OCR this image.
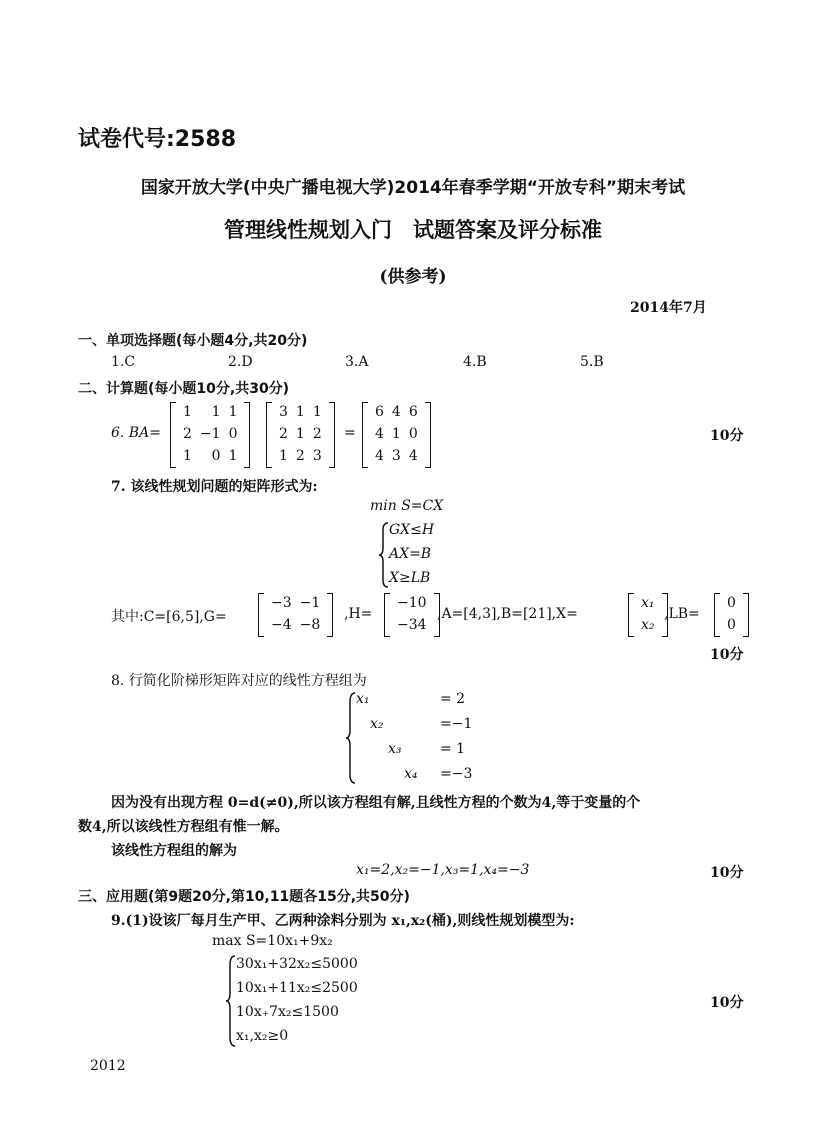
试卷代号:2588
国家开放大学(中央广播电视大学)2014年春季学期“开放专科”期末考试
管理线性规划入门　试题答案及评分标准
(供参考)
2014年7月
一、单项选择题(每小题4分,共20分)
1.C	2.D	3.A	4.B	5.B
二、计算题(每小题10分,共30分)
6. BA=
1	1 1
2 −1 0
1	0 1
3 1 1
2 1 2
1 2 3
=
6 4 6
4 1 0
4 3 4
10分
7. 该线性规划问题的矩阵形式为:
min S=CX
GX≤H
AX=B
X≥LB
其中:C=[6,5],G=
−3 −1
−4 −8
,H=
−10
−34
,A=[4,3],B=[21],X=
x₁
x₂
,LB=
0
0
10分
8. 行简化阶梯形矩阵对应的线性方程组为
x₁	= 2
x₂	=−1
x₃	= 1
x₄ =−3
因为没有出现方程 0=d(≠0),所以该方程组有解,且线性方程的个数为4,等于变量的个
数4,所以该线性方程组有惟一解。
该线性方程组的解为
x₁=2,x₂=−1,x₃=1,x₄=−3	10分
三、应用题(第9题20分,第10,11题各15分,共50分)
9.(1)设该厂每月生产甲、乙两种涂料分别为 x₁,x₂(桶),则线性规划模型为:
max S=10x₁+9x₂
30x₁+32x₂≤5000
10x₁+11x₂≤2500
10x₊7x₂≤1500
x₁,x₂≥0
10分
2012
